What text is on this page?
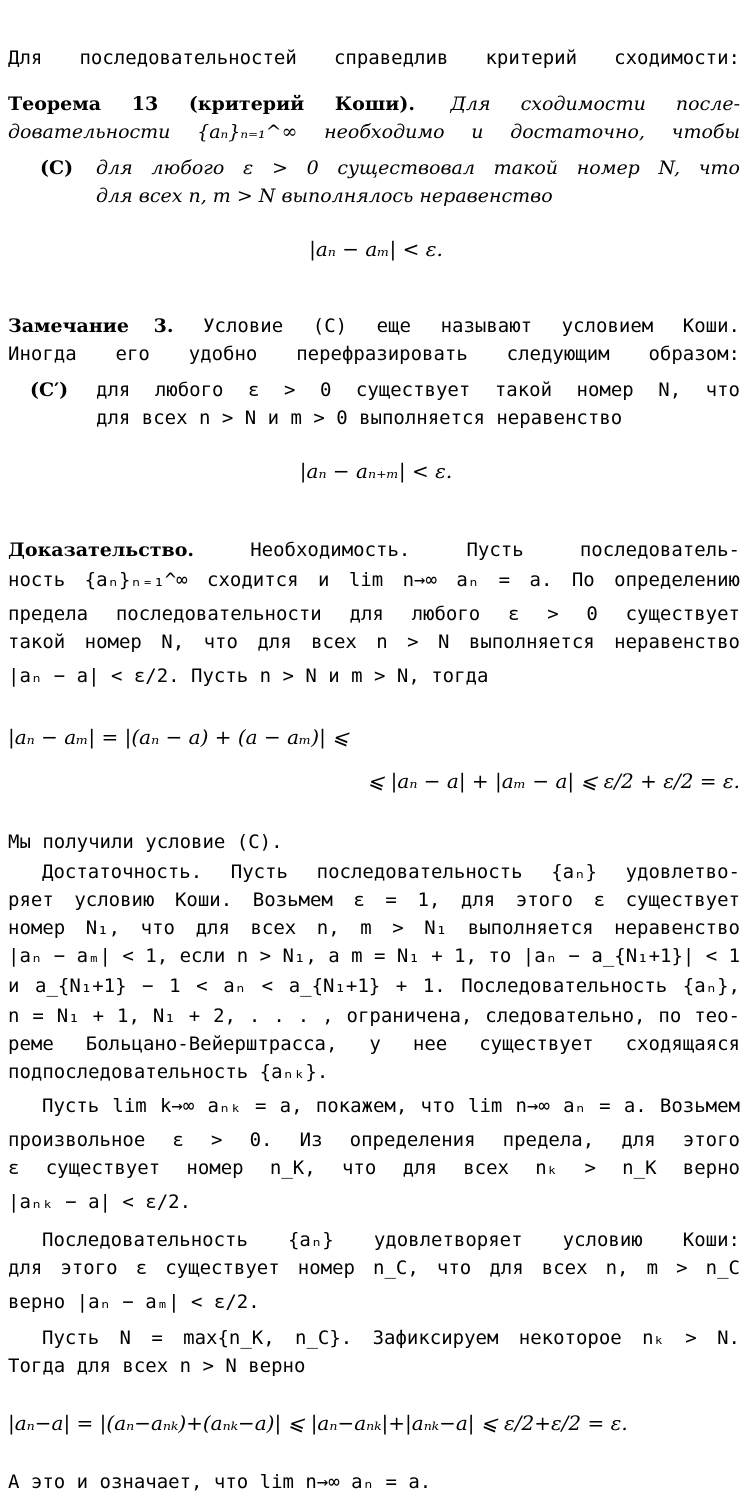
Для последовательностей справедлив критерий сходимости:
Теорема 13 (критерий Коши). Для сходимости после-
довательности {aₙ}ₙ₌₁^∞ необходимо и достаточно, чтобы
(C) для любого ε > 0 существовал такой номер N, что
для всех n, m > N выполнялось неравенство
|aₙ − aₘ| < ε.
Замечание 3. Условие (C) еще называют условием Коши.
Иногда его удобно перефразировать следующим образом:
(C′) для любого ε > 0 существует такой номер N, что
для всех n > N и m > 0 выполняется неравенство
|aₙ − aₙ₊ₘ| < ε.
Доказательство.	Необходимость. Пусть последователь-
ность {aₙ}ₙ₌₁^∞ сходится и lim n→∞ aₙ = a. По определению
предела последовательности для любого ε > 0 существует
такой номер N, что для всех n > N выполняется неравенство
|aₙ − a| < ε/2. Пусть n > N и m > N, тогда
|aₙ − aₘ| = |(aₙ − a) + (a − aₘ)| ⩽
⩽ |aₙ − a| + |aₘ − a| ⩽ ε/2 + ε/2 = ε.
Мы получили условие (C).
Достаточность. Пусть последовательность {aₙ} удовлетво-
ряет условию Коши. Возьмем ε = 1, для этого ε существует
номер N₁, что для всех n, m > N₁ выполняется неравенство
|aₙ − aₘ| < 1, если n > N₁, а m = N₁ + 1, то |aₙ − a_{N₁+1}| < 1
и a_{N₁+1} − 1 < aₙ < a_{N₁+1} + 1. Последовательность {aₙ},
n = N₁ + 1, N₁ + 2, . . . , ограничена, следовательно, по тео-
реме Больцано-Вейерштрасса, у нее существует сходящаяся
подпоследовательность {aₙₖ}.
Пусть lim k→∞ aₙₖ = a, покажем, что lim n→∞ aₙ = a. Возьмем
произвольное ε > 0. Из определения предела, для этого
ε существует номер n_K, что для всех nₖ > n_K верно
|aₙₖ − a| < ε/2.
Последовательность {aₙ} удовлетворяет условию Коши:
для этого ε существует номер n_C, что для всех n, m > n_C
верно |aₙ − aₘ| < ε/2.
Пусть N = max{n_K, n_C}. Зафиксируем некоторое nₖ > N.
Тогда для всех n > N верно
|aₙ−a| = |(aₙ−aₙₖ)+(aₙₖ−a)| ⩽ |aₙ−aₙₖ|+|aₙₖ−a| ⩽ ε/2+ε/2 = ε.
А это и означает, что lim n→∞ aₙ = a.
